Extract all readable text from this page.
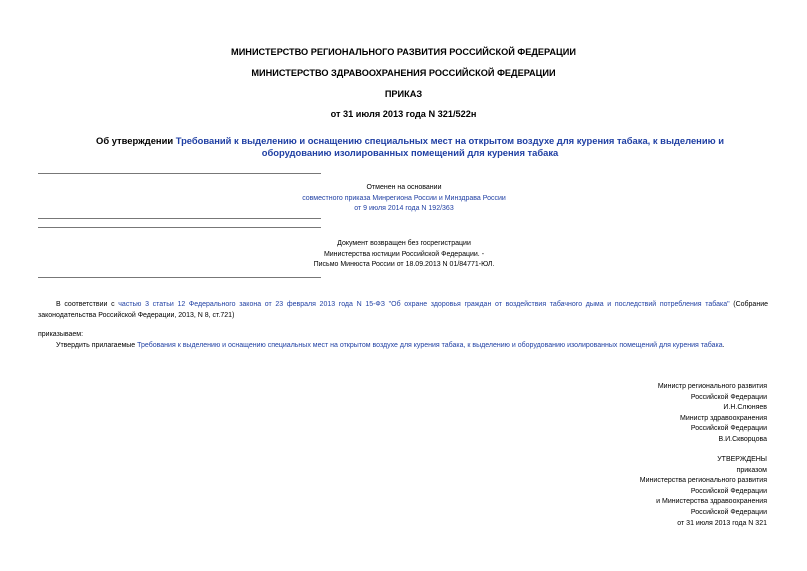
МИНИСТЕРСТВО РЕГИОНАЛЬНОГО РАЗВИТИЯ РОССИЙСКОЙ ФЕДЕРАЦИИ
МИНИСТЕРСТВО ЗДРАВООХРАНЕНИЯ РОССИЙСКОЙ ФЕДЕРАЦИИ
ПРИКАЗ
от 31 июля 2013 года N 321/522н
Об утверждении Требований к выделению и оснащению специальных мест на открытом воздухе для курения табака, к выделению и оборудованию изолированных помещений для курения табака
Отменен на основании
совместного приказа Минрегиона России и Минздрава России
от 9 июля 2014 года N 192/363
Документ возвращен без госрегистрации
Министерства юстиции Российской Федерации. -
Письмо Минюста России от 18.09.2013 N 01/84771-ЮЛ.
В соответствии с частью 3 статьи 12 Федерального закона от 23 февраля 2013 года N 15-ФЗ "Об охране здоровья граждан от воздействия табачного дыма и последствий потребления табака" (Собрание законодательства Российской Федерации, 2013, N 8, ст.721)
приказываем:
Утвердить прилагаемые Требования к выделению и оснащению специальных мест на открытом воздухе для курения табака, к выделению и оборудованию изолированных помещений для курения табака.
Министр регионального развития
Российской Федерации
И.Н.Слюняев
Министр здравоохранения
Российской Федерации
В.И.Скворцова
УТВЕРЖДЕНЫ
приказом
Министерства регионального развития
Российской Федерации
и Министерства здравоохранения
Российской Федерации
от 31 июля 2013 года N 321
